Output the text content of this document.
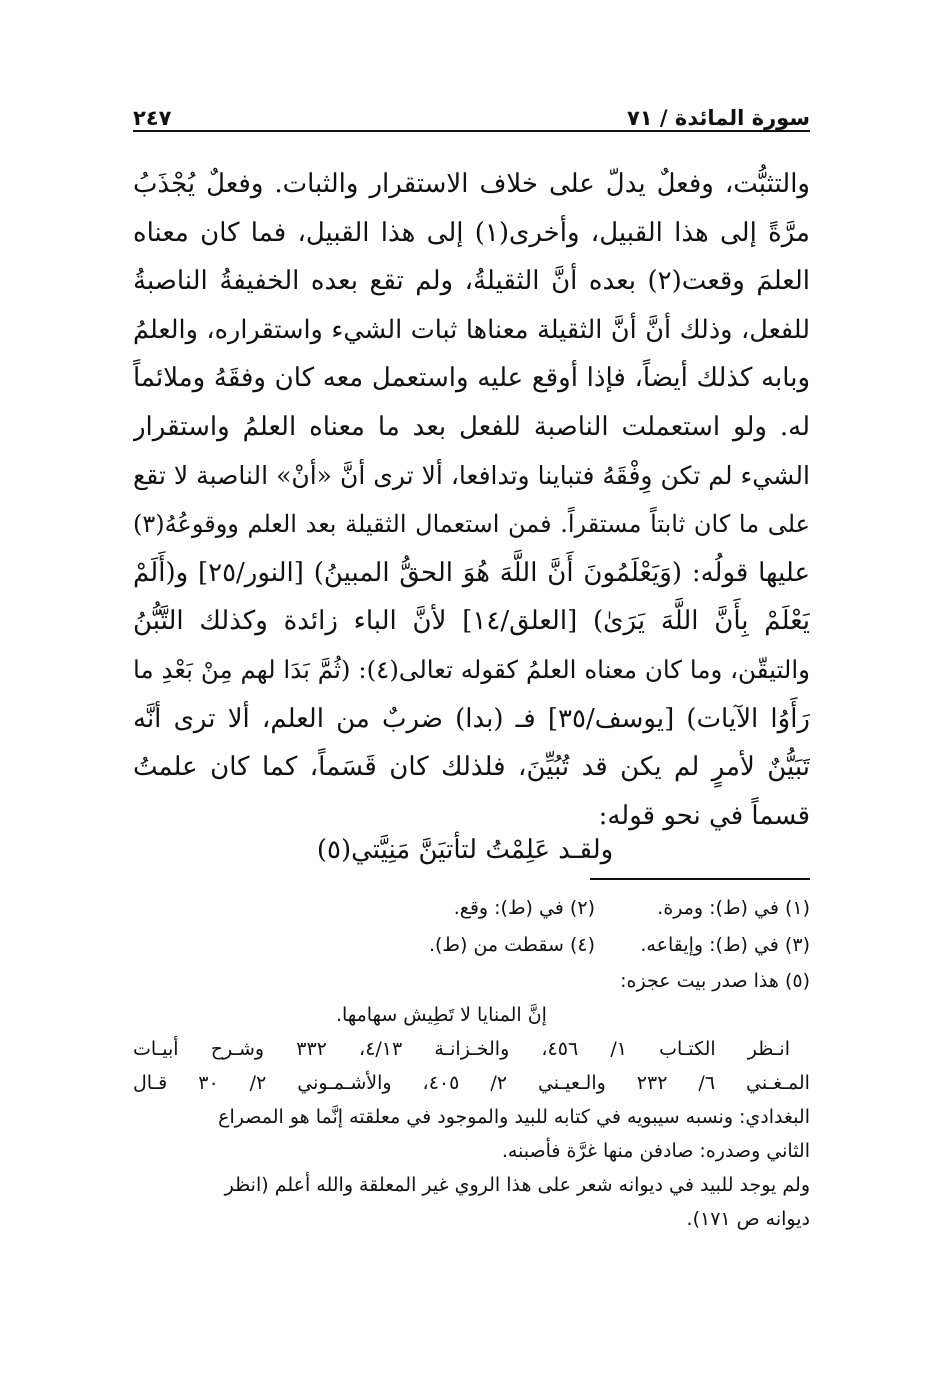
سورة المائدة / ٧١
٢٤٧
والتثبُّت، وفعلٌ يدلّ على خلاف الاستقرار والثبات. وفعلٌ يُجْذَبُ
مرَّةً إلى هذا القبيل، وأخرى(١) إلى هذا القبيل، فما كان معناه
العلمَ وقعت(٢) بعده أنَّ الثقيلةُ، ولم تقع بعده الخفيفةُ الناصبةُ
للفعل، وذلك أنَّ أنَّ الثقيلة معناها ثبات الشيء واستقراره، والعلمُ
وبابه كذلك أيضاً، فإذا أوقع عليه واستعمل معه كان وفقَهُ وملائماً
له. ولو استعملت الناصبة للفعل بعد ما معناه العلمُ واستقرار
الشيء لم تكن وِفْقَهُ فتباينا وتدافعا، ألا ترى أنَّ «أنْ» الناصبة لا تقع
على ما كان ثابتاً مستقراً. فمن استعمال الثقيلة بعد العلم ووقوعُهُ(٣)
عليها قولُه: (وَيَعْلَمُونَ أَنَّ اللَّهَ هُوَ الحقُّ المبينُ) [النور/٢٥] و(أَلَمْ
يَعْلَمْ بِأَنَّ اللَّهَ يَرَىٰ) [العلق/١٤] لأنَّ الباء زائدة وكذلك التَّبُّنُ
والتيقّن، وما كان معناه العلمُ كقوله تعالى(٤): (ثُمَّ بَدَا لهم مِنْ بَعْدِ ما
رَأَوُا الآيات) [يوسف/٣٥] فـ (بدا) ضربٌ من العلم، ألا ترى أنَّه
تَبَيُّنٌ لأمرٍ لم يكن قد تُبُيِّنَ، فلذلك كان قَسَماً، كما كان علمتُ
قسماً في نحو قوله:
ولقـد عَلِمْتُ لتأتيَنَّ مَنِيَّتي(٥)
(١) في (ط): ومرة.
(٢) في (ط): وقع.
(٣) في (ط): وإيقاعه.
(٤) سقطت من (ط).
(٥) هذا صدر بيت عجزه:
إنَّ المنايا لا تَطِيش سهامها.
انـظر الكتـاب ١/ ٤٥٦، والخـزانـة ٤/١٣، ٣٣٢ وشـرح أبيـات
المـغـني ٦/ ٢٣٢ والـعيـني ٢/ ٤٠٥، والأشـمـوني ٢/ ٣٠ قـال
البغدادي: ونسبه سيبويه في كتابه للبيد والموجود في معلقته إنَّما هو المصراع
الثاني وصدره: صادفن منها غرَّة فأصبنه.
ولم يوجد للبيد في ديوانه شعر على هذا الروي غير المعلقة والله أعلم (انظر
ديوانه ص ١٧١).
